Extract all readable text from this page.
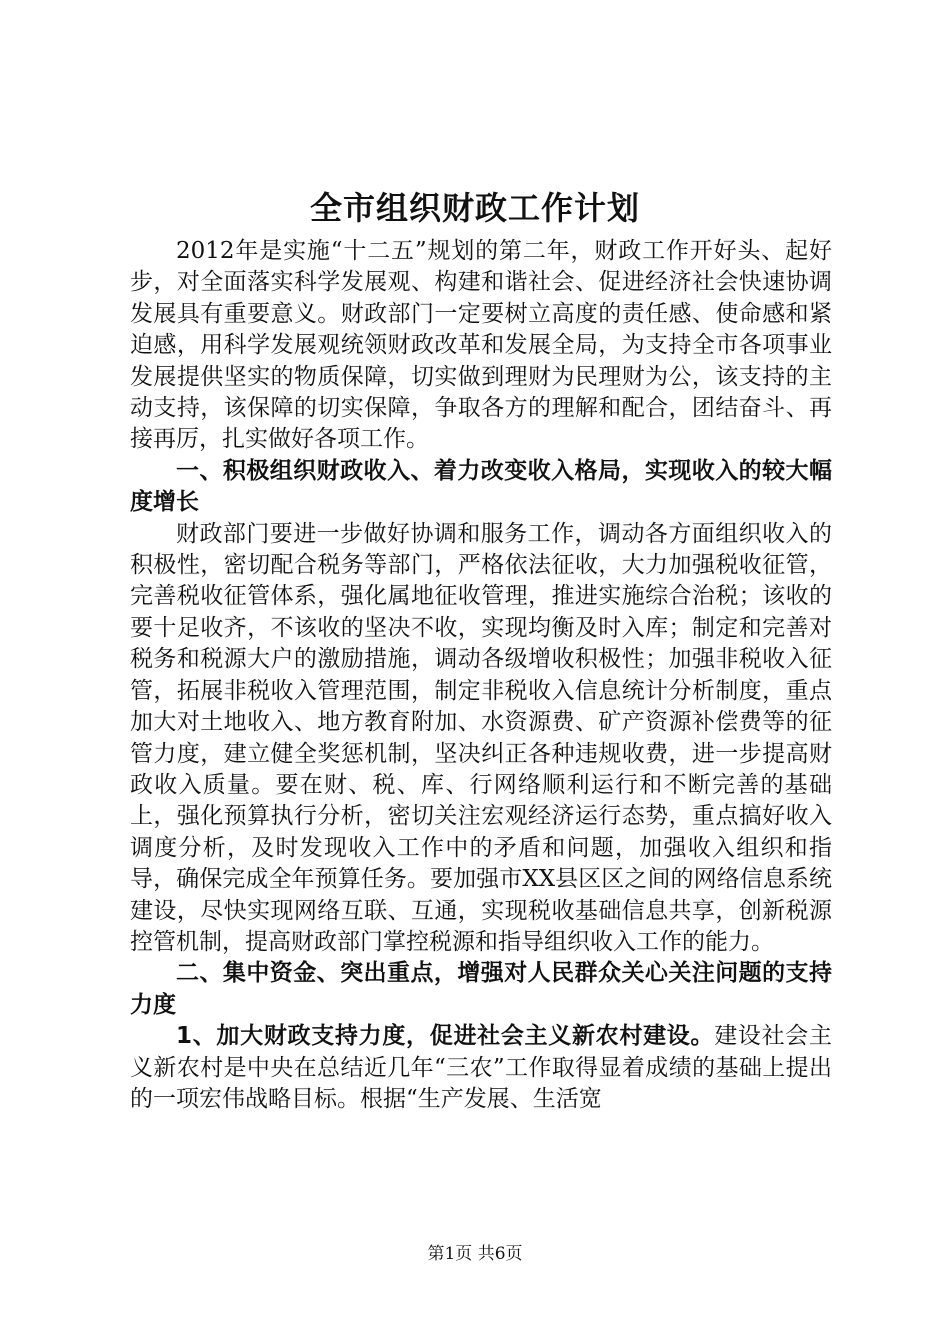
全市组织财政工作计划

2012年是实施“十二五”规划的第二年，财政工作开好头、起好步，对全面落实科学发展观、构建和谐社会、促进经济社会快速协调发展具有重要意义。财政部门一定要树立高度的责任感、使命感和紧迫感，用科学发展观统领财政改革和发展全局，为支持全市各项事业发展提供坚实的物质保障，切实做到理财为民理财为公，该支持的主动支持，该保障的切实保障，争取各方的理解和配合，团结奋斗、再接再厉，扎实做好各项工作。

一、积极组织财政收入、着力改变收入格局，实现收入的较大幅度增长

财政部门要进一步做好协调和服务工作，调动各方面组织收入的积极性，密切配合税务等部门，严格依法征收，大力加强税收征管，完善税收征管体系，强化属地征收管理，推进实施综合治税；该收的要十足收齐，不该收的坚决不收，实现均衡及时入库；制定和完善对税务和税源大户的激励措施，调动各级增收积极性；加强非税收入征管，拓展非税收入管理范围，制定非税收入信息统计分析制度，重点加大对土地收入、地方教育附加、水资源费、矿产资源补偿费等的征管力度，建立健全奖惩机制，坚决纠正各种违规收费，进一步提高财政收入质量。要在财、税、库、行网络顺利运行和不断完善的基础上，强化预算执行分析，密切关注宏观经济运行态势，重点搞好收入调度分析，及时发现收入工作中的矛盾和问题，加强收入组织和指导，确保完成全年预算任务。要加强市XX县区区之间的网络信息系统建设，尽快实现网络互联、互通，实现税收基础信息共享，创新税源控管机制，提高财政部门掌控税源和指导组织收入工作的能力。

二、集中资金、突出重点，增强对人民群众关心关注问题的支持力度

1、加大财政支持力度，促进社会主义新农村建设。建设社会主义新农村是中央在总结近几年“三农”工作取得显着成绩的基础上提出的一项宏伟战略目标。根据“生产发展、生活宽

第1页 共6页
